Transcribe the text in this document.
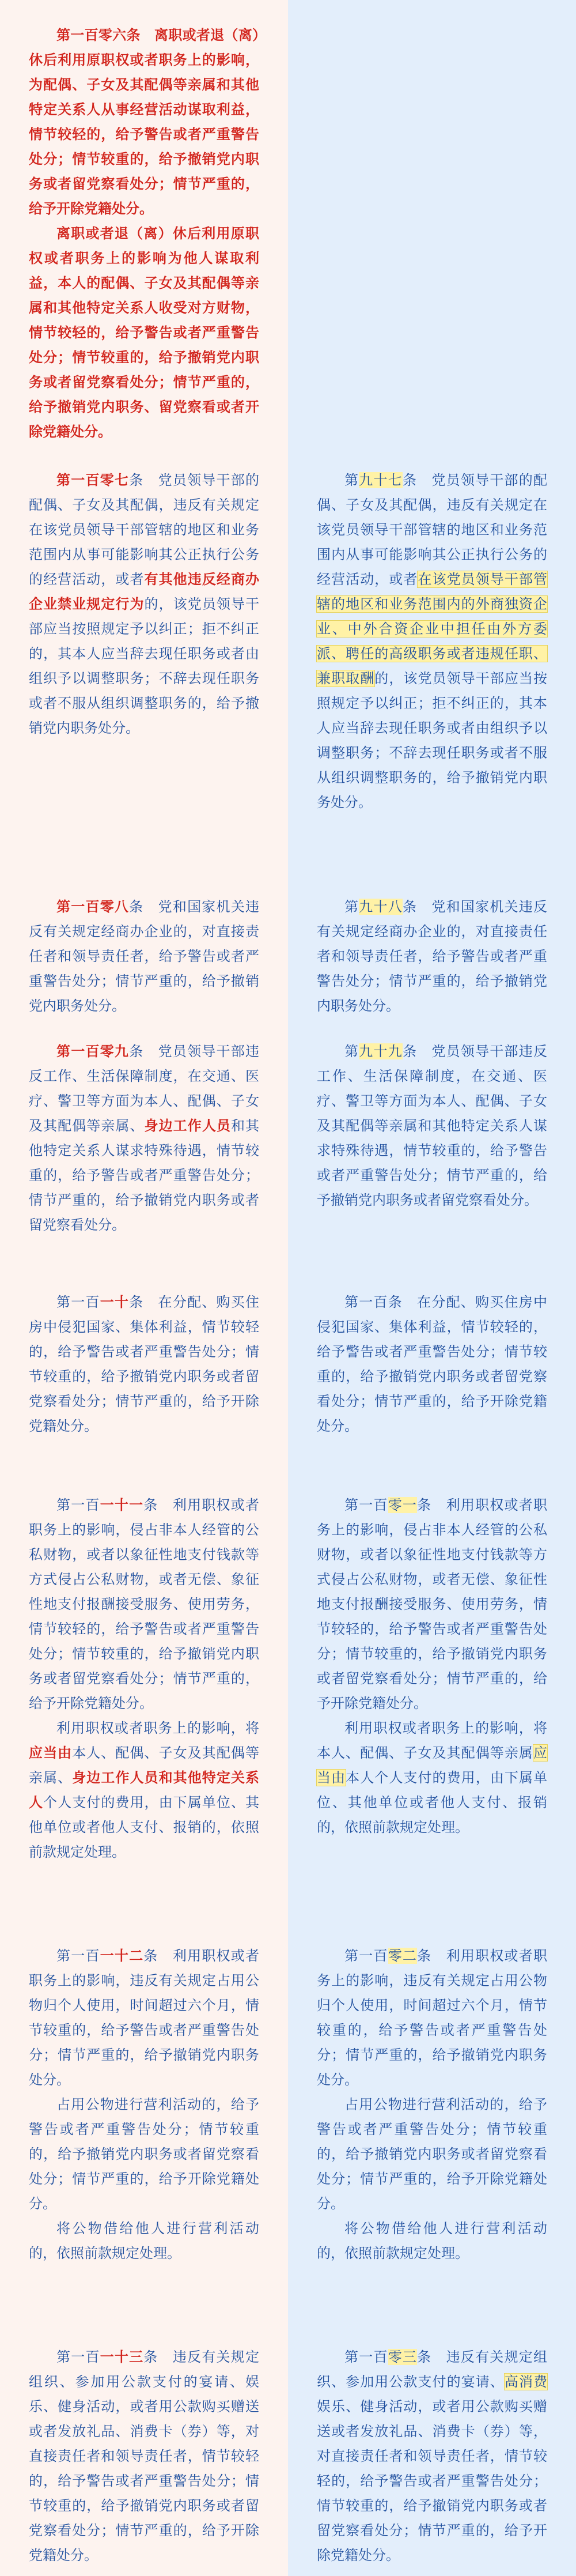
第一百零六条　离职或者退（离）休后利用原职权或者职务上的影响，为配偶、子女及其配偶等亲属和其他特定关系人从事经营活动谋取利益，情节较轻的，给予警告或者严重警告处分；情节较重的，给予撤销党内职务或者留党察看处分；情节严重的，给予开除党籍处分。

离职或者退（离）休后利用原职权或者职务上的影响为他人谋取利益，本人的配偶、子女及其配偶等亲属和其他特定关系人收受对方财物，情节较轻的，给予警告或者严重警告处分；情节较重的，给予撤销党内职务或者留党察看处分；情节严重的，给予撤销党内职务、留党察看或者开除党籍处分。

第一百零七条　党员领导干部的配偶、子女及其配偶，违反有关规定在该党员领导干部管辖的地区和业务范围内从事可能影响其公正执行公务的经营活动，或者有其他违反经商办企业禁业规定行为的，该党员领导干部应当按照规定予以纠正；拒不纠正的，其本人应当辞去现任职务或者由组织予以调整职务；不辞去现任职务或者不服从组织调整职务的，给予撤销党内职务处分。

第九十七条　党员领导干部的配偶、子女及其配偶，违反有关规定在该党员领导干部管辖的地区和业务范围内从事可能影响其公正执行公务的经营活动，或者在该党员领导干部管辖的地区和业务范围内的外商独资企业、中外合资企业中担任由外方委派、聘任的高级职务或者违规任职、兼职取酬的，该党员领导干部应当按照规定予以纠正；拒不纠正的，其本人应当辞去现任职务或者由组织予以调整职务；不辞去现任职务或者不服从组织调整职务的，给予撤销党内职务处分。

第一百零八条　党和国家机关违反有关规定经商办企业的，对直接责任者和领导责任者，给予警告或者严重警告处分；情节严重的，给予撤销党内职务处分。

第九十八条　党和国家机关违反有关规定经商办企业的，对直接责任者和领导责任者，给予警告或者严重警告处分；情节严重的，给予撤销党内职务处分。

第一百零九条　党员领导干部违反工作、生活保障制度，在交通、医疗、警卫等方面为本人、配偶、子女及其配偶等亲属、身边工作人员和其他特定关系人谋求特殊待遇，情节较重的，给予警告或者严重警告处分；情节严重的，给予撤销党内职务或者留党察看处分。

第九十九条　党员领导干部违反工作、生活保障制度，在交通、医疗、警卫等方面为本人、配偶、子女及其配偶等亲属和其他特定关系人谋求特殊待遇，情节较重的，给予警告或者严重警告处分；情节严重的，给予撤销党内职务或者留党察看处分。

第一百一十条　在分配、购买住房中侵犯国家、集体利益，情节较轻的，给予警告或者严重警告处分；情节较重的，给予撤销党内职务或者留党察看处分；情节严重的，给予开除党籍处分。

第一百条　在分配、购买住房中侵犯国家、集体利益，情节较轻的，给予警告或者严重警告处分；情节较重的，给予撤销党内职务或者留党察看处分；情节严重的，给予开除党籍处分。

第一百一十一条　利用职权或者职务上的影响，侵占非本人经管的公私财物，或者以象征性地支付钱款等方式侵占公私财物，或者无偿、象征性地支付报酬接受服务、使用劳务，情节较轻的，给予警告或者严重警告处分；情节较重的，给予撤销党内职务或者留党察看处分；情节严重的，给予开除党籍处分。

利用职权或者职务上的影响，将应当由本人、配偶、子女及其配偶等亲属、身边工作人员和其他特定关系人个人支付的费用，由下属单位、其他单位或者他人支付、报销的，依照前款规定处理。

第一百零一条　利用职权或者职务上的影响，侵占非本人经管的公私财物，或者以象征性地支付钱款等方式侵占公私财物，或者无偿、象征性地支付报酬接受服务、使用劳务，情节较轻的，给予警告或者严重警告处分；情节较重的，给予撤销党内职务或者留党察看处分；情节严重的，给予开除党籍处分。

利用职权或者职务上的影响，将本人、配偶、子女及其配偶等亲属应当由本人个人支付的费用，由下属单位、其他单位或者他人支付、报销的，依照前款规定处理。

第一百一十二条　利用职权或者职务上的影响，违反有关规定占用公物归个人使用，时间超过六个月，情节较重的，给予警告或者严重警告处分；情节严重的，给予撤销党内职务处分。

占用公物进行营利活动的，给予警告或者严重警告处分；情节较重的，给予撤销党内职务或者留党察看处分；情节严重的，给予开除党籍处分。

将公物借给他人进行营利活动的，依照前款规定处理。

第一百零二条　利用职权或者职务上的影响，违反有关规定占用公物归个人使用，时间超过六个月，情节较重的，给予警告或者严重警告处分；情节严重的，给予撤销党内职务处分。

占用公物进行营利活动的，给予警告或者严重警告处分；情节较重的，给予撤销党内职务或者留党察看处分；情节严重的，给予开除党籍处分。

将公物借给他人进行营利活动的，依照前款规定处理。

第一百一十三条　违反有关规定组织、参加用公款支付的宴请、娱乐、健身活动，或者用公款购买赠送或者发放礼品、消费卡（券）等，对直接责任者和领导责任者，情节较轻的，给予警告或者严重警告处分；情节较重的，给予撤销党内职务或者留党察看处分；情节严重的，给予开除党籍处分。

第一百零三条　违反有关规定组织、参加用公款支付的宴请、高消费娱乐、健身活动，或者用公款购买赠送或者发放礼品、消费卡（券）等，对直接责任者和领导责任者，情节较轻的，给予警告或者严重警告处分；情节较重的，给予撤销党内职务或者留党察看处分；情节严重的，给予开除党籍处分。
